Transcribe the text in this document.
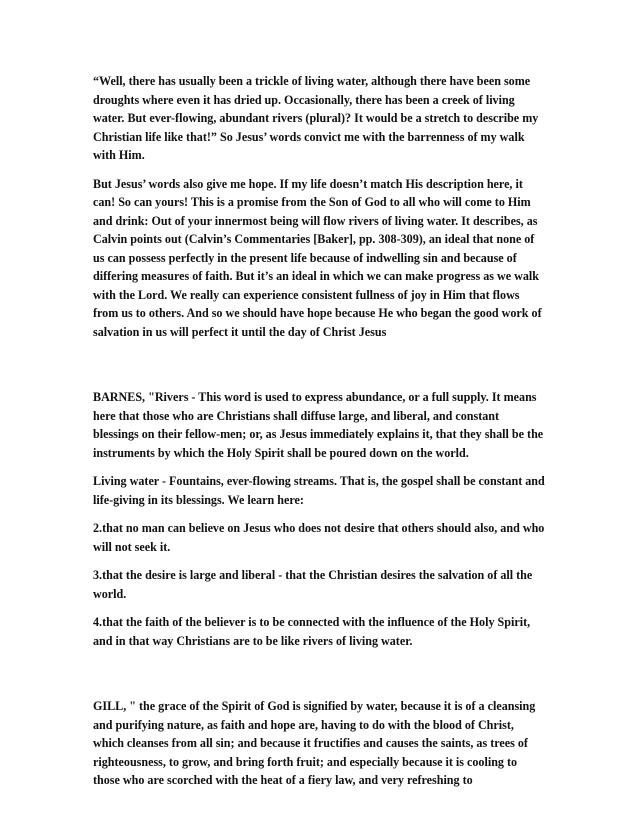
“Well, there has usually been a trickle of living water, although there have been some droughts where even it has dried up. Occasionally, there has been a creek of living water. But ever-flowing, abundant rivers (plural)? It would be a stretch to describe my Christian life like that!” So Jesus’ words convict me with the barrenness of my walk with Him.

But Jesus’ words also give me hope. If my life doesn’t match His description here, it can! So can yours! This is a promise from the Son of God to all who will come to Him and drink: Out of your innermost being will flow rivers of living water. It describes, as Calvin points out (Calvin’s Commentaries [Baker], pp. 308-309), an ideal that none of us can possess perfectly in the present life because of indwelling sin and because of differing measures of faith. But it’s an ideal in which we can make progress as we walk with the Lord. We really can experience consistent fullness of joy in Him that flows from us to others. And so we should have hope because He who began the good work of salvation in us will perfect it until the day of Christ Jesus

BARNES, "Rivers - This word is used to express abundance, or a full supply. It means here that those who are Christians shall diffuse large, and liberal, and constant blessings on their fellow-men; or, as Jesus immediately explains it, that they shall be the instruments by which the Holy Spirit shall be poured down on the world.

Living water - Fountains, ever-flowing streams. That is, the gospel shall be constant and life-giving in its blessings. We learn here:

2.that no man can believe on Jesus who does not desire that others should also, and who will not seek it.

3.that the desire is large and liberal - that the Christian desires the salvation of all the world.

4.that the faith of the believer is to be connected with the influence of the Holy Spirit, and in that way Christians are to be like rivers of living water.

GILL, " the grace of the Spirit of God is signified by water, because it is of a cleansing and purifying nature, as faith and hope are, having to do with the blood of Christ, which cleanses from all sin; and because it fructifies and causes the saints, as trees of righteousness, to grow, and bring forth fruit; and especially because it is cooling to those who are scorched with the heat of a fiery law, and very refreshing to
